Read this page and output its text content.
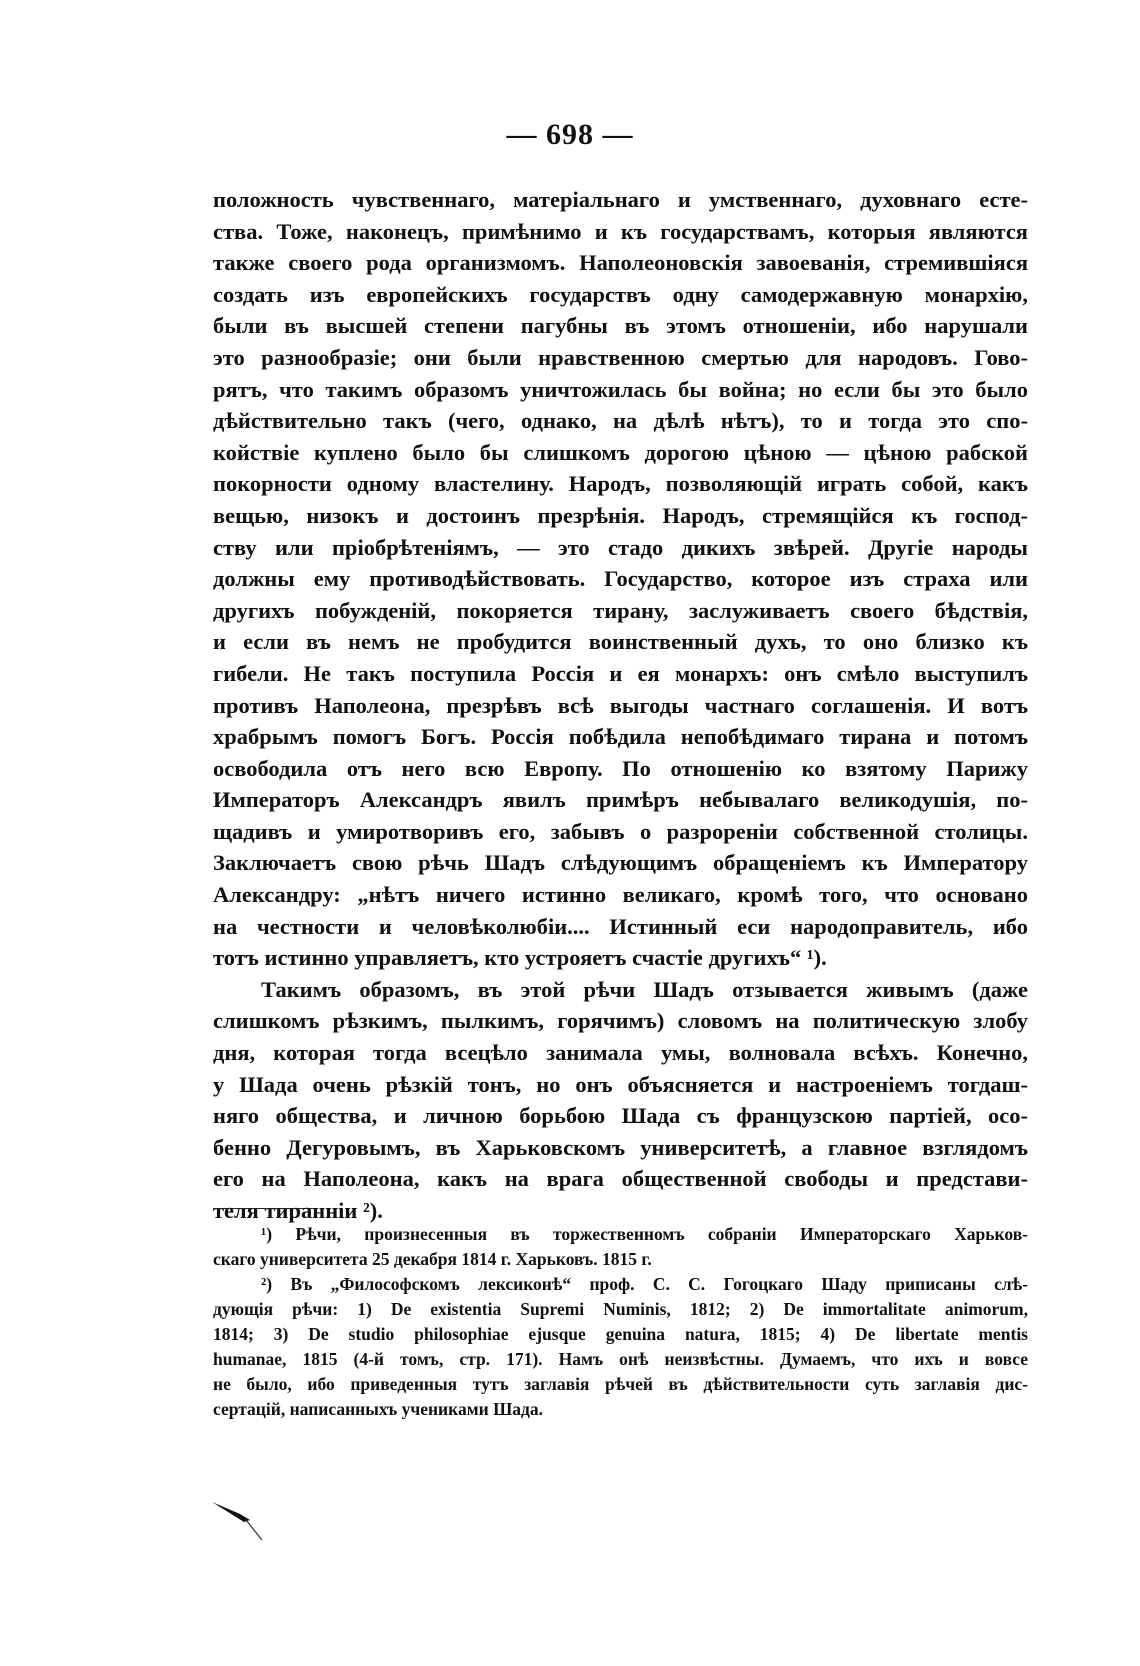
— 698 —
положность чувственнаго, матеріальнаго и умственнаго, духовнаго есте-
ства. Тоже, наконецъ, примѣнимо и къ государствамъ, которыя являются
также своего рода организмомъ. Наполеоновскія завоеванія, стремившіяся
создать изъ европейскихъ государствъ одну самодержавную монархію,
были въ высшей степени пагубны въ этомъ отношеніи, ибо нарушали
это разнообразіе; они были нравственною смертью для народовъ. Гово-
рятъ, что такимъ образомъ уничтожилась бы война; но если бы это было
дѣйствительно такъ (чего, однако, на дѣлѣ нѣтъ), то и тогда это спо-
койствіе куплено было бы слишкомъ дорогою цѣною — цѣною рабской
покорности одному властелину. Народъ, позволяющій играть собой, какъ
вещью, низокъ и достоинъ презрѣнія. Народъ, стремящійся къ господ-
ству или пріобрѣтеніямъ, — это стадо дикихъ звѣрей. Другіе народы
должны ему противодѣйствовать. Государство, которое изъ страха или
другихъ побужденій, покоряется тирану, заслуживаетъ своего бѣдствія,
и если въ немъ не пробудится воинственный духъ, то оно близко къ
гибели. Не такъ поступила Россія и ея монархъ: онъ смѣло выступилъ
противъ Наполеона, презрѣвъ всѣ выгоды частнаго соглашенія. И вотъ
храбрымъ помогъ Богъ. Россія побѣдила непобѣдимаго тирана и потомъ
освободила отъ него всю Европу. По отношенію ко взятому Парижу
Императоръ Александръ явилъ примѣръ небывалаго великодушія, по-
щадивъ и умиротворивъ его, забывъ о разрореніи собственной столицы.
Заключаетъ свою рѣчь Шадъ слѣдующимъ обращеніемъ къ Императору
Александру: „нѣтъ ничего истинно великаго, кромѣ того, что основано
на честности и человѣколюбіи.... Истинный еси народоправитель, ибо
тотъ истинно управляетъ, кто устрояетъ счастіе другихъ“ ¹).
Такимъ образомъ, въ этой рѣчи Шадъ отзывается живымъ (даже
слишкомъ рѣзкимъ, пылкимъ, горячимъ) словомъ на политическую злобу
дня, которая тогда всецѣло занимала умы, волновала всѣхъ. Конечно,
у Шада очень рѣзкій тонъ, но онъ объясняется и настроеніемъ тогдаш-
няго общества, и личною борьбою Шада съ французскою партіей, осо-
бенно Дегуровымъ, въ Харьковскомъ университетѣ, а главное взглядомъ
его на Наполеона, какъ на врага общественной свободы и представи-
теля тиранніи ²).
¹) Рѣчи, произнесенныя въ торжественномъ собраніи Императорскаго Харьков-
скаго университета 25 декабря 1814 г. Харьковъ. 1815 г.
²) Въ „Философскомъ лексиконѣ“ проф. С. С. Гогоцкаго Шаду приписаны слѣ-
дующія рѣчи: 1) De existentia Supremi Numinis, 1812; 2) De immortalitate animorum,
1814; 3) De studio philosophiae ejusque genuina natura, 1815; 4) De libertate mentis
humanae, 1815 (4-й томъ, стр. 171). Намъ онѣ неизвѣстны. Думаемъ, что ихъ и вовсе
не было, ибо приведенныя тутъ заглавія рѣчей въ дѣйствительности суть заглавія дис-
сертацій, написанныхъ учениками Шада.
